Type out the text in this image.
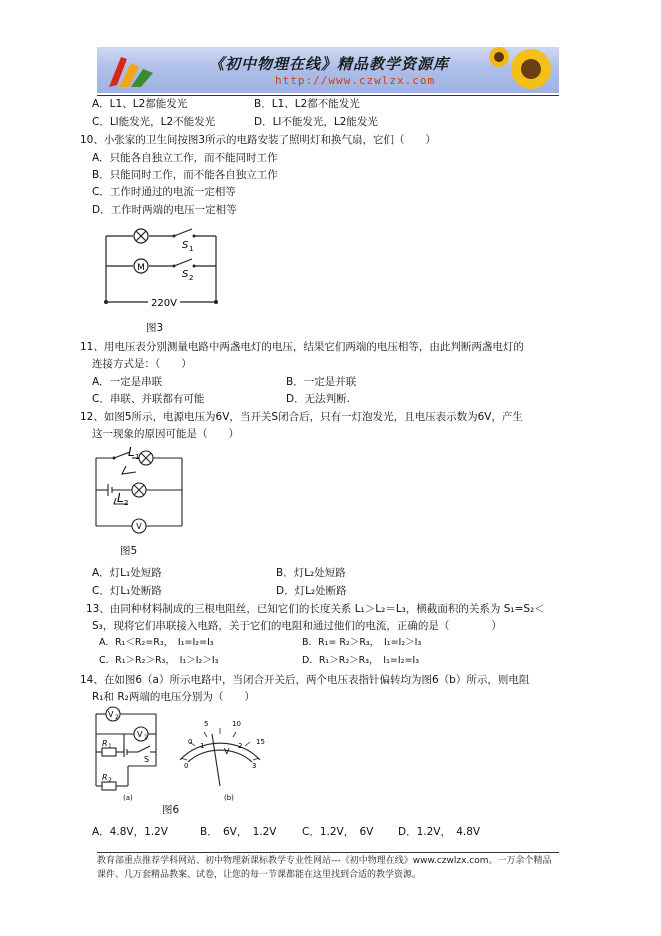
《初中物理在线》精品教学资源库
http://www.czwlzx.com
A．L1、L2都能发光	B．L1、L2都不能发光
C．Ll能发光，L2不能发光	D．Ll不能发光，L2能发光
10、小张家的卫生间按图3所示的电路安装了照明灯和换气扇，它们（　　）
A．只能各自独立工作，而不能同时工作
B．只能同时工作，而不能各自独立工作
C．工作时通过的电流一定相等
D．工作时两端的电压一定相等
M
S 1
S 2
220V
图3
11、用电压表分别测量电路中两盏电灯的电压，结果它们两端的电压相等，由此判断两盏电灯的
连接方式是：（　　）
A．一定是串联	B．一定是并联
C．串联、并联都有可能	D．无法判断.
12、如图5所示，电源电压为6V，当开关S闭合后，只有一灯泡发光，且电压表示数为6V，产生
这一现象的原因可能是（　　）
L 1
L 2
V
图5
A．灯L₁处短路	B．灯L₂处短路
C．灯L₁处断路	D．灯L₂处断路
13、由同种材料制成的三根电阻丝，已知它们的长度关系 L₁＞L₂＝L₃，横截面积的关系为 S₁=S₂＜
S₃，现将它们串联接入电路，关于它们的电阻和通过他们的电流，正确的是（　　　　）
A．R₁＜R₂=R₃，　I₁=I₂=I₃	B．R₁= R₂＞R₃，　I₁=I₂＞I₃
C．R₁＞R₂＞R₃，　I₁＞I₂＞I₃	D．R₁＞R₂＞R₃，　I₁=I₂=I₃
14、在如图6（a）所示电路中，当闭合开关后，两个电压表指针偏转均为图6（b）所示，则电阻
R₁和 R₂两端的电压分别为（　　）
V 2
V 1
R 1
S
R 2
(a)	(b)
0
5	10
15
0
1	2
3
V
图6
A．4.8V，1.2V	B．　6V，　1.2V C．1.2V，　6V D．1.2V，　4.8V
教育部重点推荐学科网站、初中物理新课标教学专业性网站---《初中物理在线》www.czwlzx.com。一万余个精品
课件、几万套精品教案、试卷，让您的每一节课都能在这里找到合适的教学资源。
